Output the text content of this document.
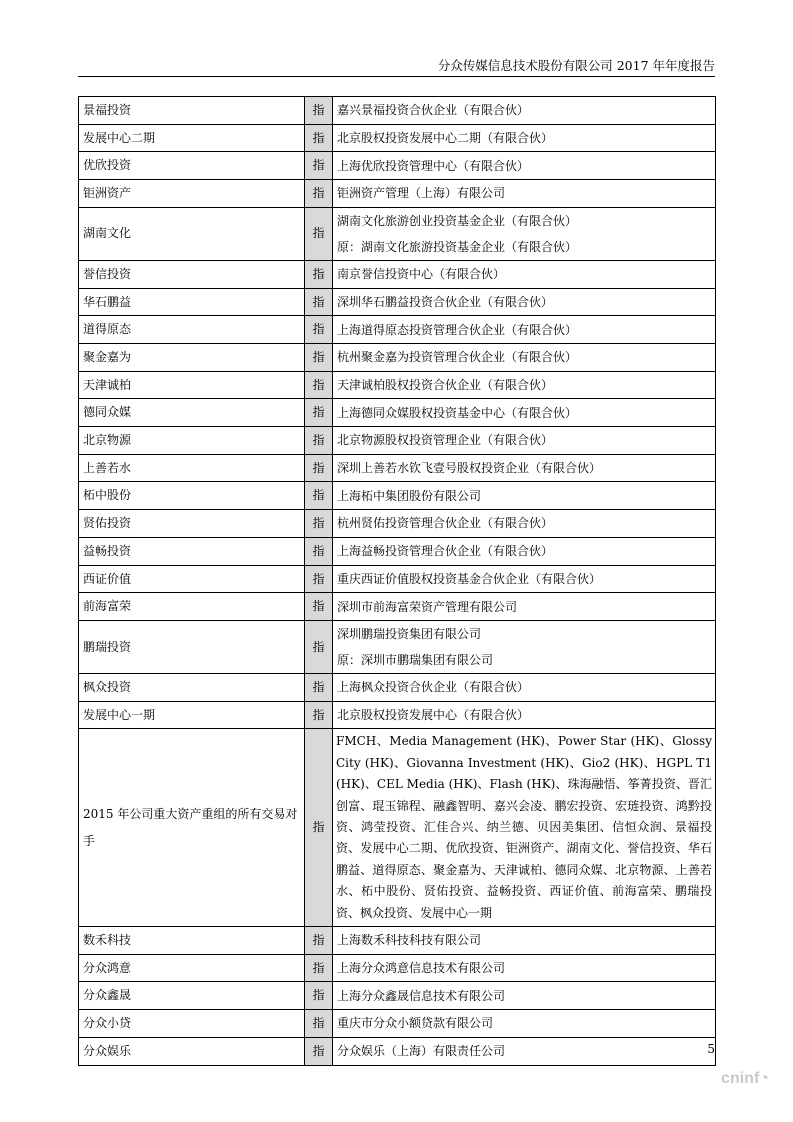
分众传媒信息技术股份有限公司 2017 年年度报告
景福投资	指	嘉兴景福投资合伙企业（有限合伙）

发展中心二期	指	北京股权投资发展中心二期（有限合伙）

优欣投资	指	上海优欣投资管理中心（有限合伙）

钜洲资产	指	钜洲资产管理（上海）有限公司

湖南文化	指	湖南文化旅游创业投资基金企业（有限合伙）
原：湖南文化旅游投资基金企业（有限合伙）

誉信投资	指	南京誉信投资中心（有限合伙）

华石鹏益	指	深圳华石鹏益投资合伙企业（有限合伙）

道得原态	指	上海道得原态投资管理合伙企业（有限合伙）

聚金嘉为	指	杭州聚金嘉为投资管理合伙企业（有限合伙）

天津诚柏	指	天津诚柏股权投资合伙企业（有限合伙）

德同众媒	指	上海德同众媒股权投资基金中心（有限合伙）

北京物源	指	北京物源股权投资管理企业（有限合伙）

上善若水	指	深圳上善若水钦飞壹号股权投资企业（有限合伙）

柘中股份	指	上海柘中集团股份有限公司

贤佑投资	指	杭州贤佑投资管理合伙企业（有限合伙）

益畅投资	指	上海益畅投资管理合伙企业（有限合伙）

西证价值	指	重庆西证价值股权投资基金合伙企业（有限合伙）

前海富荣	指	深圳市前海富荣资产管理有限公司

鹏瑞投资	指	深圳鹏瑞投资集团有限公司
原：深圳市鹏瑞集团有限公司

枫众投资	指	上海枫众投资合伙企业（有限合伙）

发展中心一期	指	北京股权投资发展中心（有限合伙）

2015 年公司重大资产重组的所有交易对手	指	FMCH、Media Management (HK)、Power Star (HK)、Glossy City (HK)、Giovanna Investment (HK)、Gio2 (HK)、HGPL T1 (HK)、CEL Media (HK)、Flash (HK)、珠海融悟、筝菁投资、晋汇创富、琨玉锦程、融鑫智明、嘉兴会凌、鹏宏投资、宏琏投资、鸿黔投资、鸿莹投资、汇佳合兴、纳兰德、贝因美集团、信恒众润、景福投资、发展中心二期、优欣投资、钜洲资产、湖南文化、誉信投资、华石鹏益、道得原态、聚金嘉为、天津诚柏、德同众媒、北京物源、上善若水、柘中股份、贤佑投资、益畅投资、西证价值、前海富荣、鹏瑞投资、枫众投资、发展中心一期

数禾科技	指	上海数禾科技科技有限公司

分众鸿意	指	上海分众鸿意信息技术有限公司

分众鑫晟	指	上海分众鑫晟信息技术有限公司

分众小贷	指	重庆市分众小额贷款有限公司

分众娱乐	指	分众娱乐（上海）有限责任公司	5
cninf◔
